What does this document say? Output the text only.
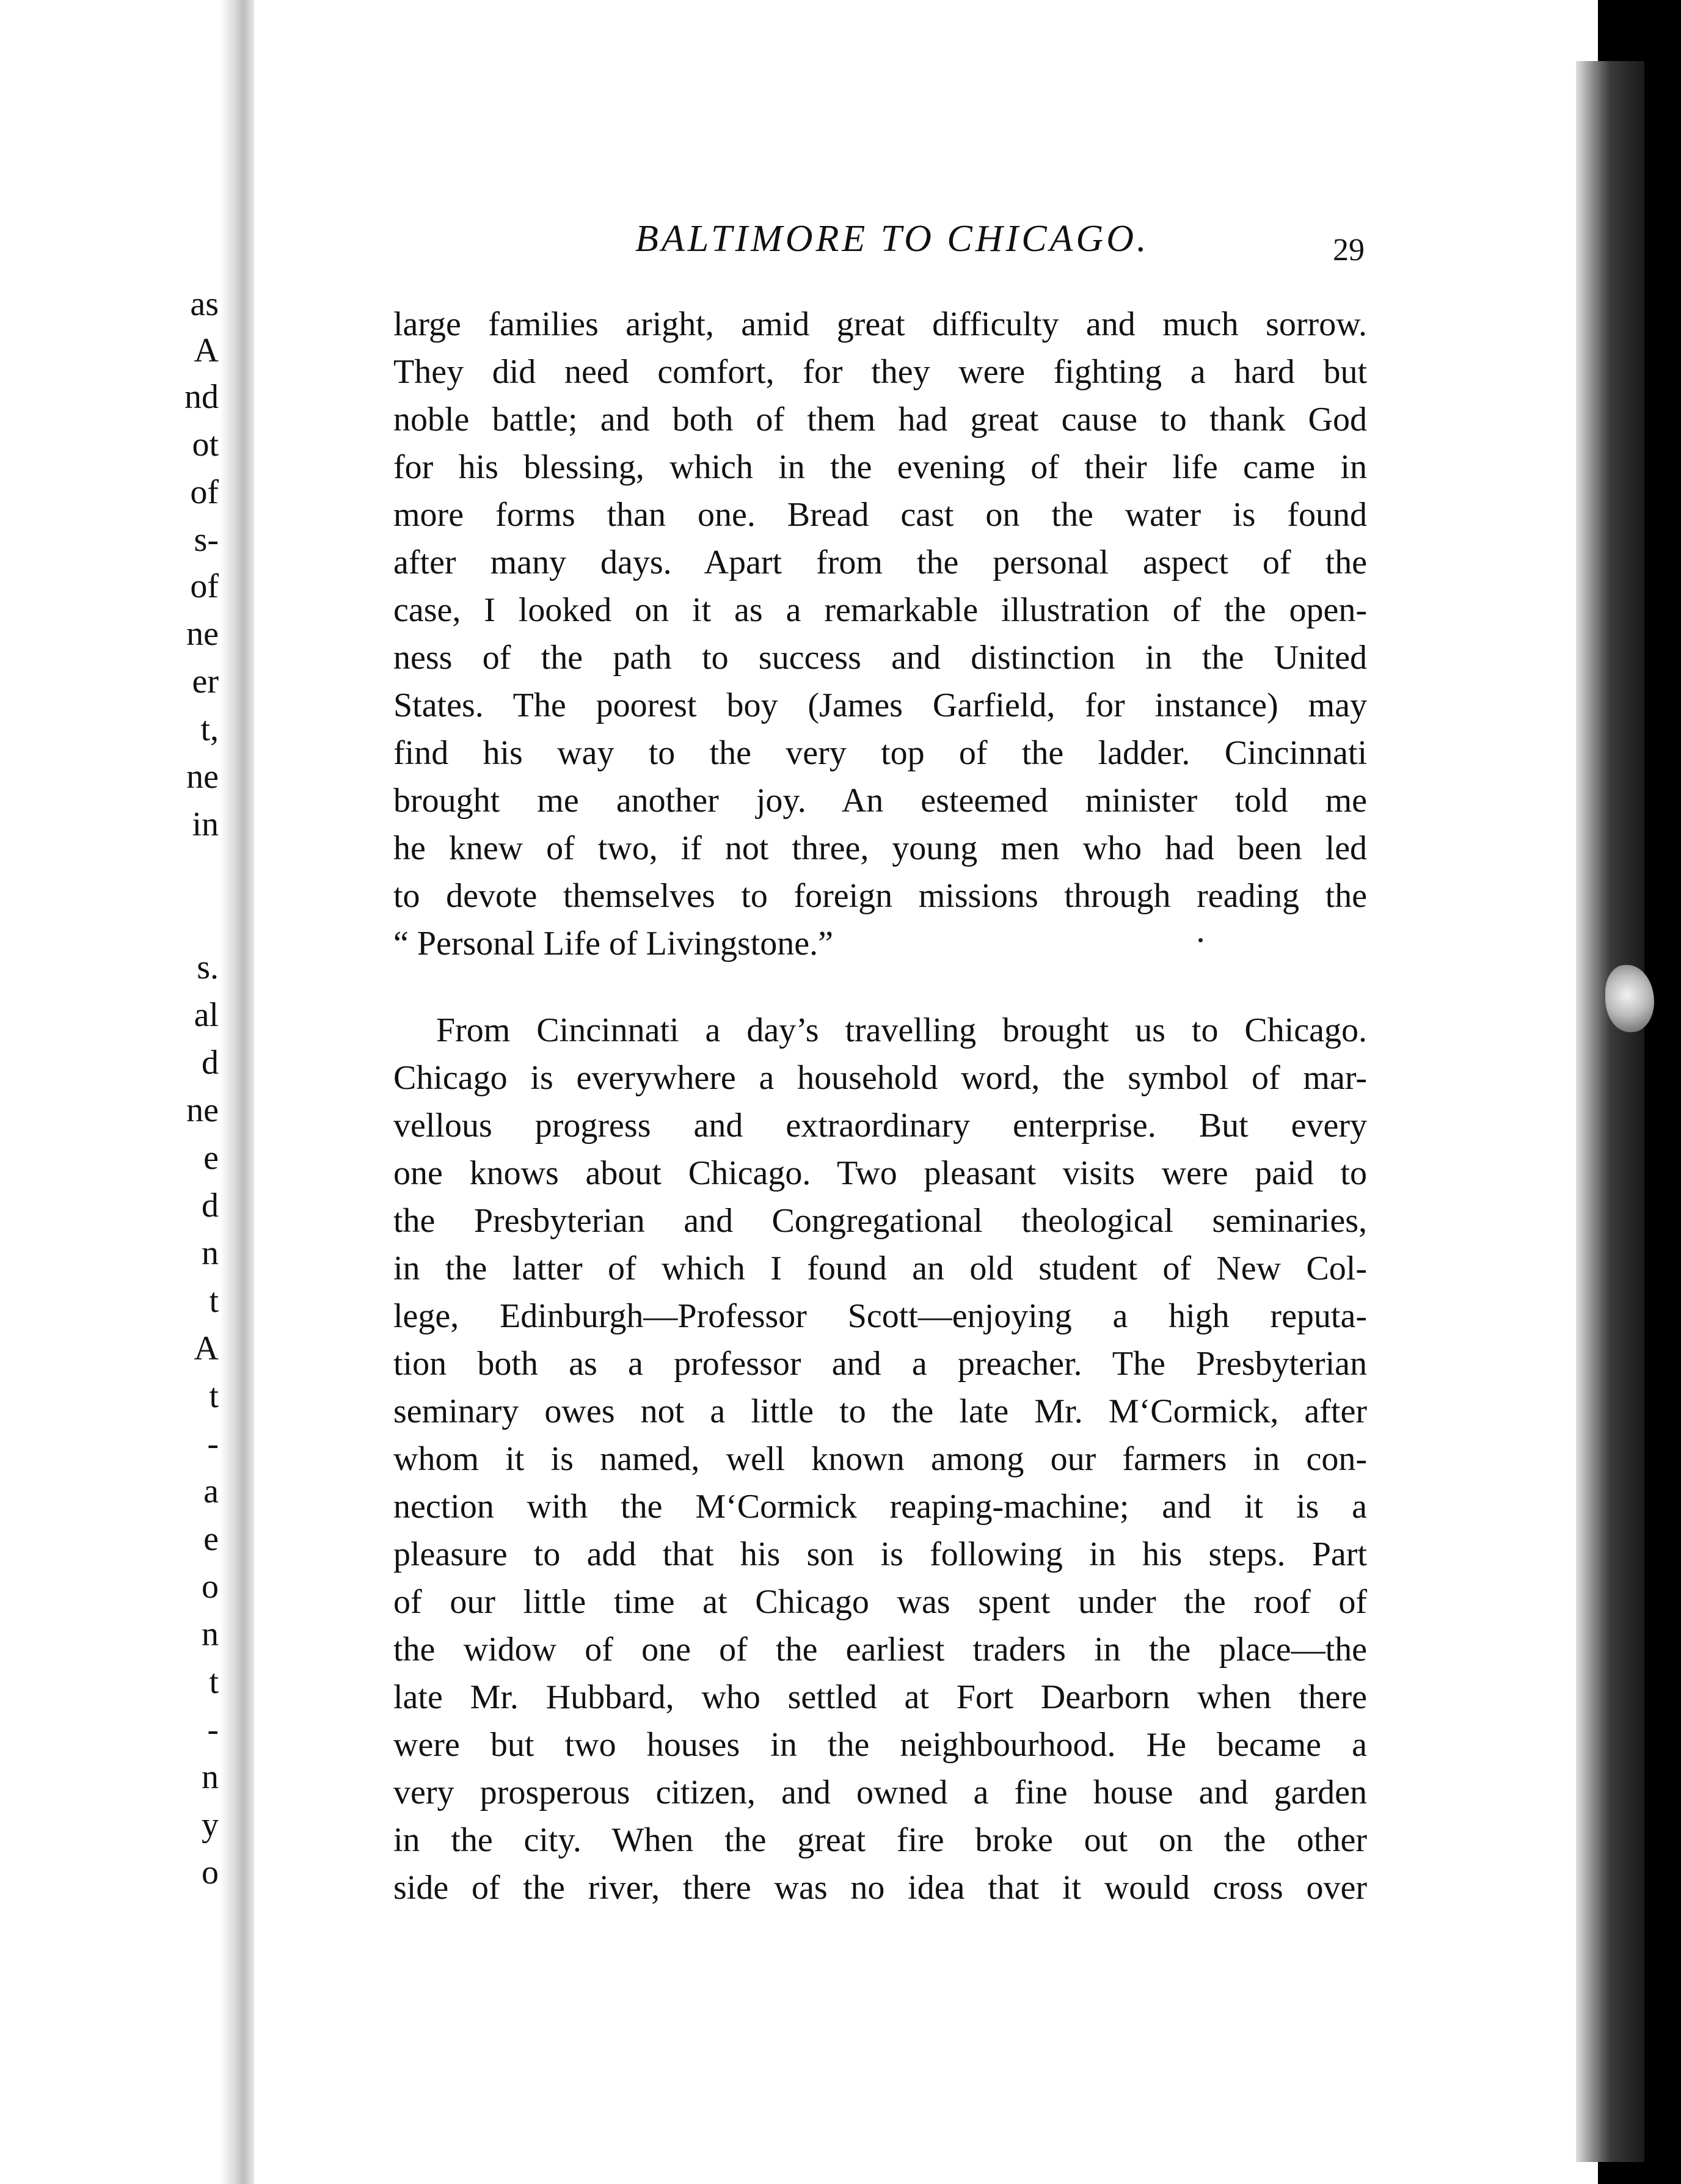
as
A
nd
ot
of
s-
of
ne
er
t,
ne
in
s.
al
d
ne
e
d
n
t
A
t
-
a
e
o
n
t
-
n
y
o
BALTIMORE TO CHICAGO.	29
large families aright, amid great difficulty and much sorrow.
They did need comfort, for they were fighting a hard but
noble battle; and both of them had great cause to thank God
for his blessing, which in the evening of their life came in
more forms than one. Bread cast on the water is found
after many days. Apart from the personal aspect of the
case, I looked on it as a remarkable illustration of the open-
ness of the path to success and distinction in the United
States. The poorest boy (James Garfield, for instance) may
find his way to the very top of the ladder. Cincinnati
brought me another joy. An esteemed minister told me
he knew of two, if not three, young men who had been led
to devote themselves to foreign missions through reading the
“ Personal Life of Livingstone.”
From Cincinnati a day’s travelling brought us to Chicago.
Chicago is everywhere a household word, the symbol of mar-
vellous progress and extraordinary enterprise. But every
one knows about Chicago. Two pleasant visits were paid to
the Presbyterian and Congregational theological seminaries,
in the latter of which I found an old student of New Col-
lege, Edinburgh—Professor Scott—enjoying a high reputa-
tion both as a professor and a preacher. The Presbyterian
seminary owes not a little to the late Mr. M‘Cormick, after
whom it is named, well known among our farmers in con-
nection with the M‘Cormick reaping-machine; and it is a
pleasure to add that his son is following in his steps. Part
of our little time at Chicago was spent under the roof of
the widow of one of the earliest traders in the place—the
late Mr. Hubbard, who settled at Fort Dearborn when there
were but two houses in the neighbourhood. He became a
very prosperous citizen, and owned a fine house and garden
in the city. When the great fire broke out on the other
side of the river, there was no idea that it would cross over
